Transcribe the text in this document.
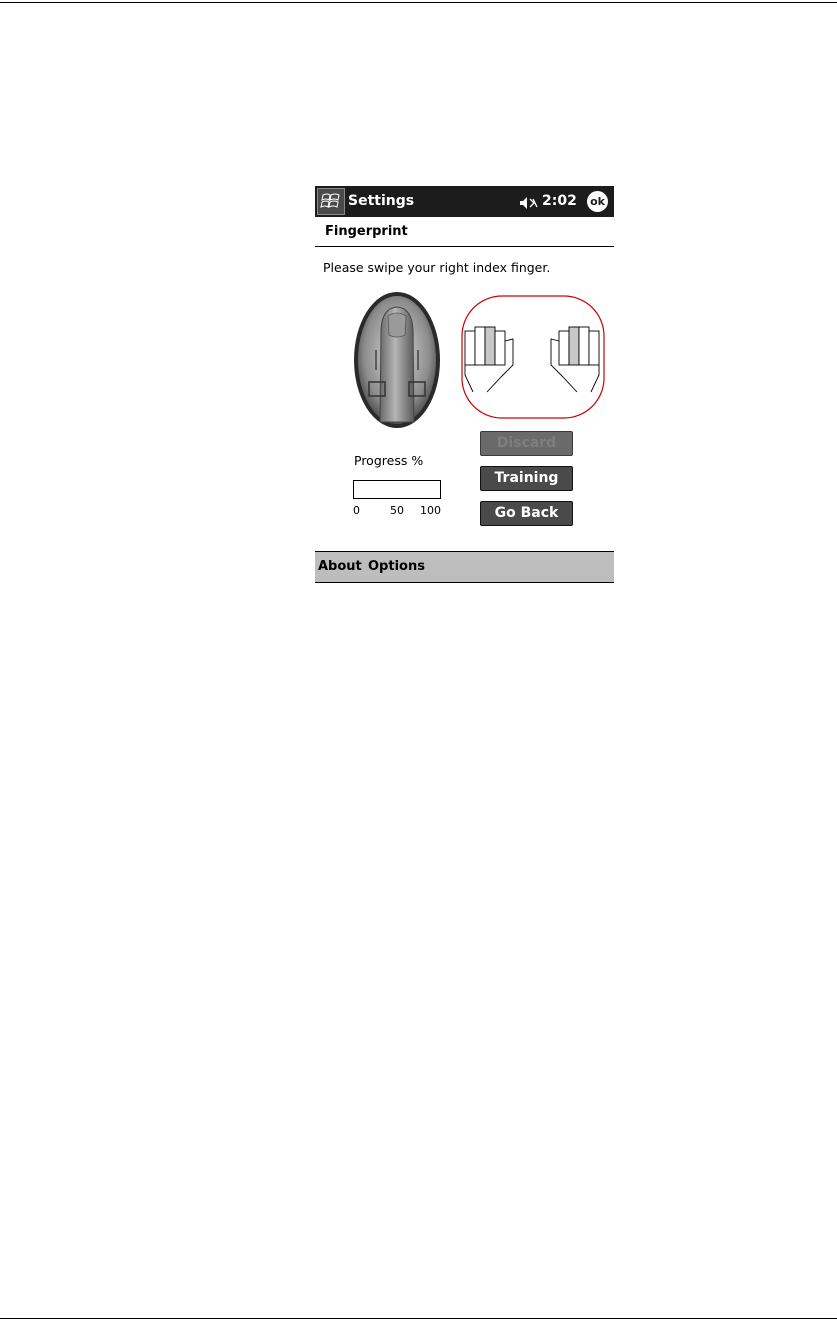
Settings	2:02 ok
Fingerprint
Please swipe your right index finger.
Progress %
0	50 100
Discard
Training
Go Back
About Options
